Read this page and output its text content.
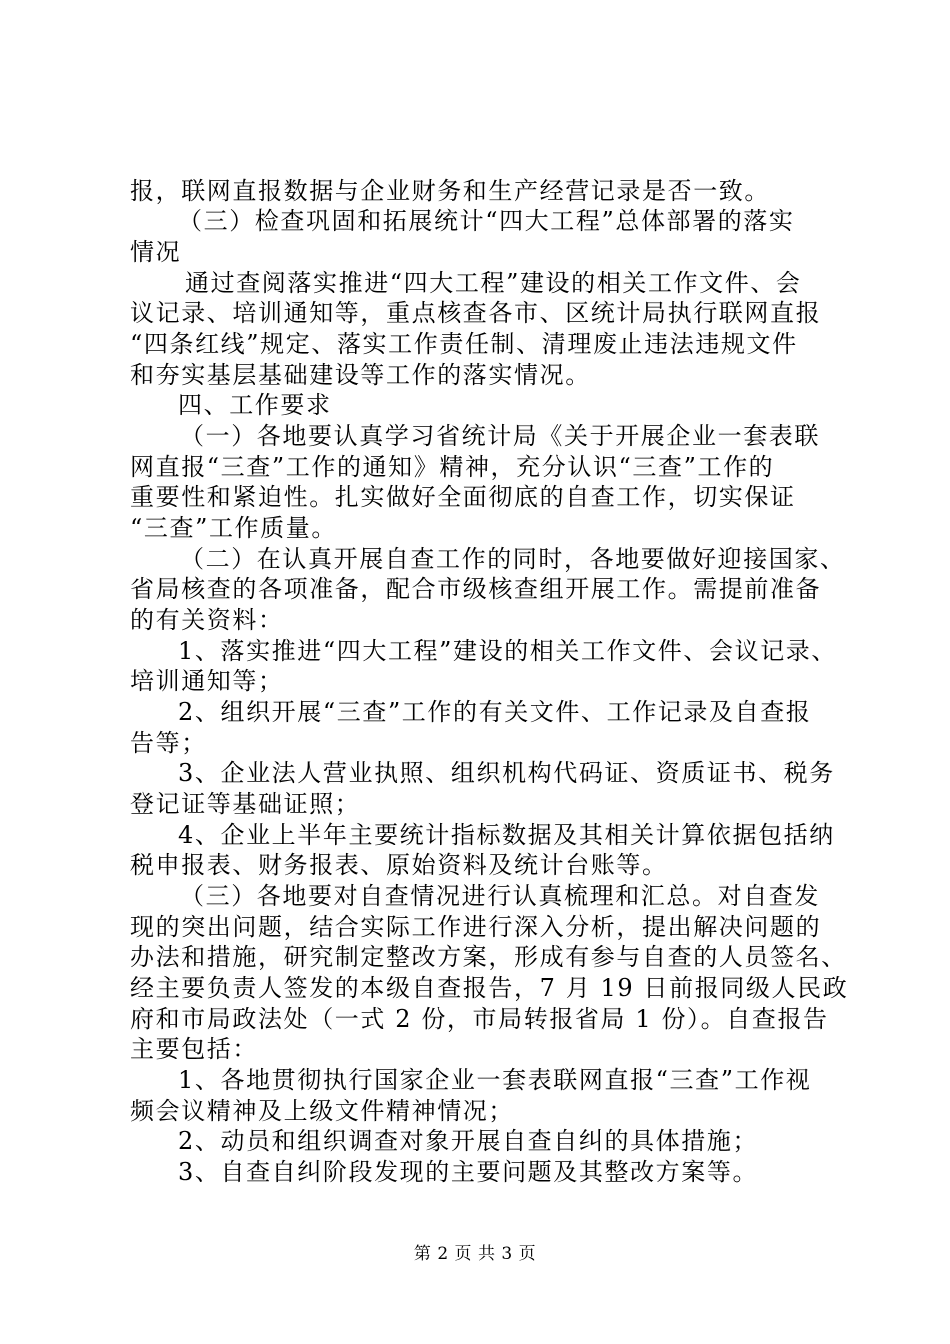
报，联网直报数据与企业财务和生产经营记录是否一致。
（三）检查巩固和拓展统计“四大工程”总体部署的落实
情况
通过查阅落实推进“四大工程”建设的相关工作文件、会
议记录、培训通知等，重点核查各市、区统计局执行联网直报
“四条红线”规定、落实工作责任制、清理废止违法违规文件
和夯实基层基础建设等工作的落实情况。
四、工作要求
（一）各地要认真学习省统计局《关于开展企业一套表联
网直报“三查”工作的通知》精神，充分认识“三查”工作的
重要性和紧迫性。扎实做好全面彻底的自查工作，切实保证
“三查”工作质量。
（二）在认真开展自查工作的同时，各地要做好迎接国家、
省局核查的各项准备，配合市级核查组开展工作。需提前准备
的有关资料：
1、落实推进“四大工程”建设的相关工作文件、会议记录、
培训通知等；
2、组织开展“三查”工作的有关文件、工作记录及自查报
告等；
3、企业法人营业执照、组织机构代码证、资质证书、税务
登记证等基础证照；
4、企业上半年主要统计指标数据及其相关计算依据包括纳
税申报表、财务报表、原始资料及统计台账等。
（三）各地要对自查情况进行认真梳理和汇总。对自查发
现的突出问题，结合实际工作进行深入分析，提出解决问题的
办法和措施，研究制定整改方案，形成有参与自查的人员签名、
经主要负责人签发的本级自查报告，7 月 19 日前报同级人民政
府和市局政法处（一式 2 份，市局转报省局 1 份）。自查报告
主要包括：
1、各地贯彻执行国家企业一套表联网直报“三查”工作视
频会议精神及上级文件精神情况；
2、动员和组织调查对象开展自查自纠的具体措施；
3、自查自纠阶段发现的主要问题及其整改方案等。
第 2 页 共 3 页
